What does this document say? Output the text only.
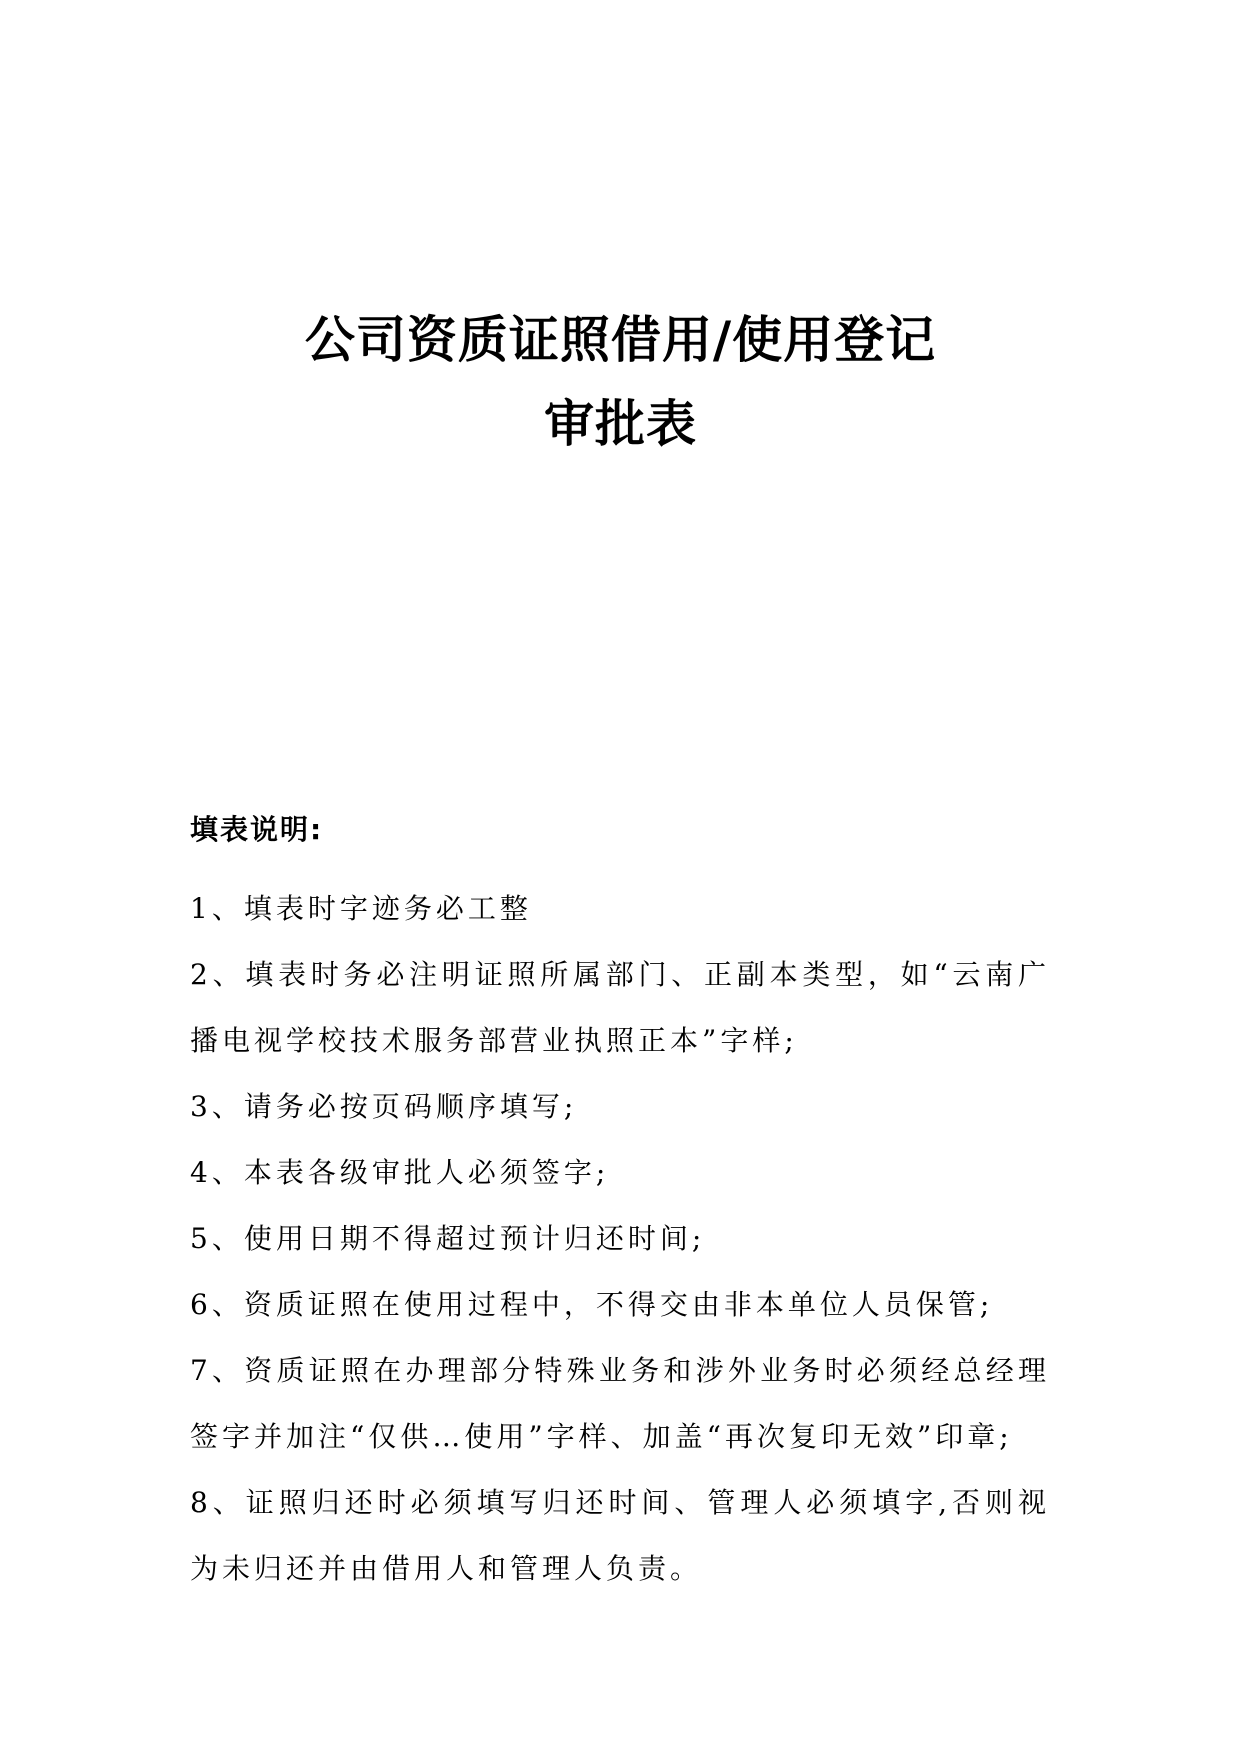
公司资质证照借用/使用登记
审批表
填表说明:
1、填表时字迹务必工整
2、填表时务必注明证照所属部门、正副本类型，如“云南广播电视学校技术服务部营业执照正本”字样;
3、请务必按页码顺序填写;
4、本表各级审批人必须签字;
5、使用日期不得超过预计归还时间;
6、资质证照在使用过程中，不得交由非本单位人员保管;
7、资质证照在办理部分特殊业务和涉外业务时必须经总经理签字并加注“仅供…使用”字样、加盖“再次复印无效”印章;
8、证照归还时必须填写归还时间、管理人必须填字,否则视为未归还并由借用人和管理人负责。
